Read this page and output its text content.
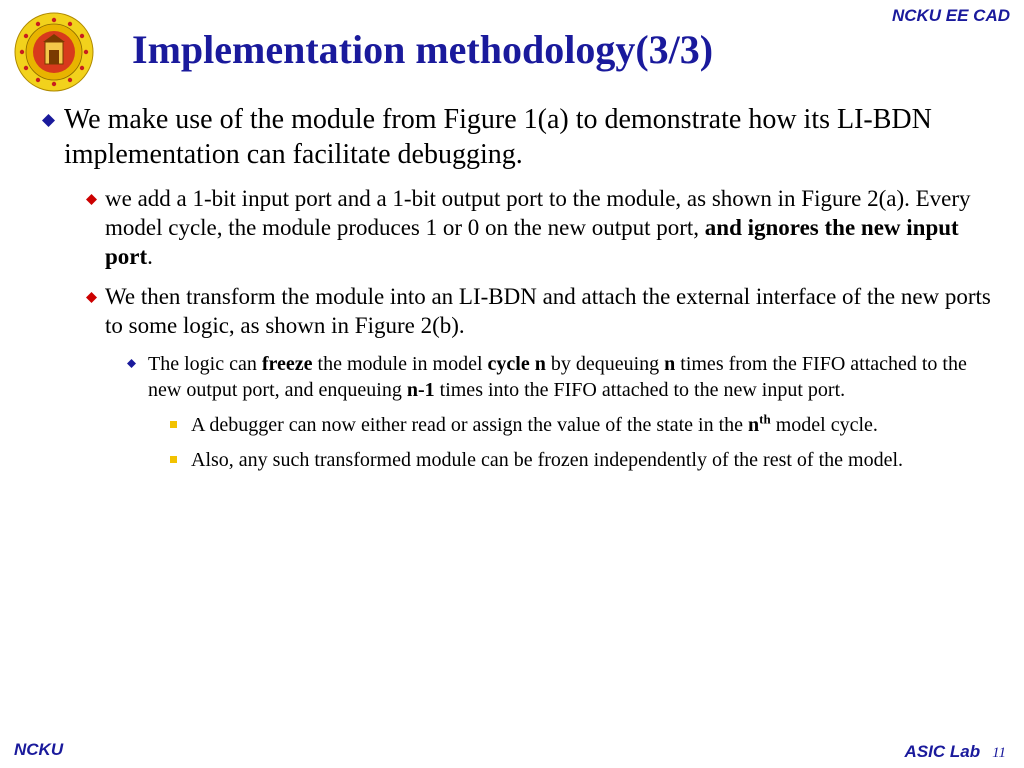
NCKU EE CAD
Implementation methodology(3/3)
We make use of the module from Figure 1(a) to demonstrate how its LI-BDN implementation can facilitate debugging.
we add a 1-bit input port and a 1-bit output port to the module, as shown in Figure 2(a). Every model cycle, the module produces 1 or 0 on the new output port, and ignores the new input port.
We then transform the module into an LI-BDN and attach the external interface of the new ports to some logic, as shown in Figure 2(b).
The logic can freeze the module in model cycle n by dequeuing n times from the FIFO attached to the new output port, and enqueuing n-1 times into the FIFO attached to the new input port.
A debugger can now either read or assign the value of the state in the $n^{th}$ model cycle.
Also, any such transformed module can be frozen independently of the rest of the model.
NCKU	ASIC Lab 11
